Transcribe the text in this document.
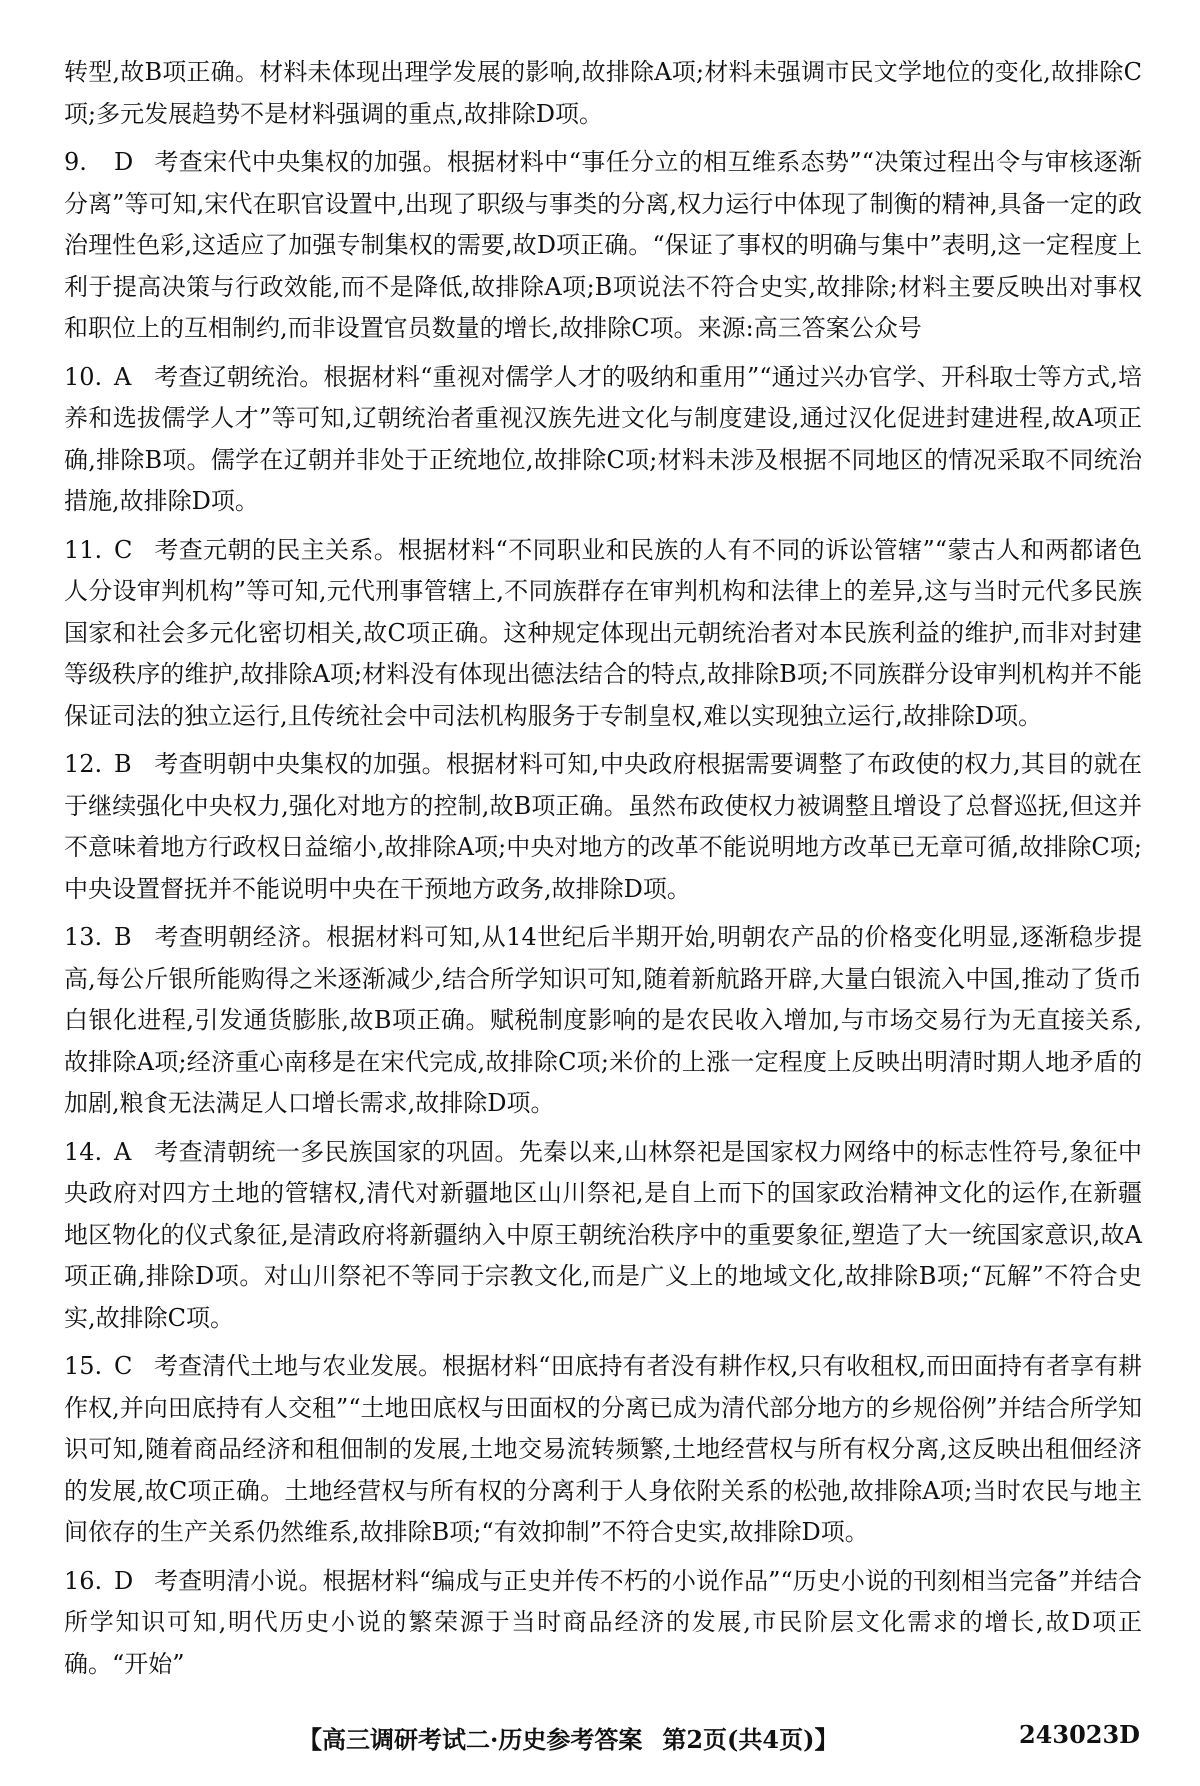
转型,故B项正确。材料未体现出理学发展的影响,故排除A项;材料未强调市民文学地位的变化,故排除C项;多元发展趋势不是材料强调的重点,故排除D项。

9. D 考查宋代中央集权的加强。根据材料中“事任分立的相互维系态势”“决策过程出令与审核逐渐分离”等可知,宋代在职官设置中,出现了职级与事类的分离,权力运行中体现了制衡的精神,具备一定的政治理性色彩,这适应了加强专制集权的需要,故D项正确。“保证了事权的明确与集中”表明,这一定程度上利于提高决策与行政效能,而不是降低,故排除A项;B项说法不符合史实,故排除;材料主要反映出对事权和职位上的互相制约,而非设置官员数量的增长,故排除C项。来源:高三答案公众号
10. A 考查辽朝统治。根据材料“重视对儒学人才的吸纳和重用”“通过兴办官学、开科取士等方式,培养和选拔儒学人才”等可知,辽朝统治者重视汉族先进文化与制度建设,通过汉化促进封建进程,故A项正确,排除B项。儒学在辽朝并非处于正统地位,故排除C项;材料未涉及根据不同地区的情况采取不同统治措施,故排除D项。
11. C 考查元朝的民主关系。根据材料“不同职业和民族的人有不同的诉讼管辖”“蒙古人和两都诸色人分设审判机构”等可知,元代刑事管辖上,不同族群存在审判机构和法律上的差异,这与当时元代多民族国家和社会多元化密切相关,故C项正确。这种规定体现出元朝统治者对本民族利益的维护,而非对封建等级秩序的维护,故排除A项;材料没有体现出德法结合的特点,故排除B项;不同族群分设审判机构并不能保证司法的独立运行,且传统社会中司法机构服务于专制皇权,难以实现独立运行,故排除D项。
12. B 考查明朝中央集权的加强。根据材料可知,中央政府根据需要调整了布政使的权力,其目的就在于继续强化中央权力,强化对地方的控制,故B项正确。虽然布政使权力被调整且增设了总督巡抚,但这并不意味着地方行政权日益缩小,故排除A项;中央对地方的改革不能说明地方改革已无章可循,故排除C项;中央设置督抚并不能说明中央在干预地方政务,故排除D项。
13. B 考查明朝经济。根据材料可知,从14世纪后半期开始,明朝农产品的价格变化明显,逐渐稳步提高,每公斤银所能购得之米逐渐减少,结合所学知识可知,随着新航路开辟,大量白银流入中国,推动了货币白银化进程,引发通货膨胀,故B项正确。赋税制度影响的是农民收入增加,与市场交易行为无直接关系,故排除A项;经济重心南移是在宋代完成,故排除C项;米价的上涨一定程度上反映出明清时期人地矛盾的加剧,粮食无法满足人口增长需求,故排除D项。
14. A 考查清朝统一多民族国家的巩固。先秦以来,山林祭祀是国家权力网络中的标志性符号,象征中央政府对四方土地的管辖权,清代对新疆地区山川祭祀,是自上而下的国家政治精神文化的运作,在新疆地区物化的仪式象征,是清政府将新疆纳入中原王朝统治秩序中的重要象征,塑造了大一统国家意识,故A项正确,排除D项。对山川祭祀不等同于宗教文化,而是广义上的地域文化,故排除B项;“瓦解”不符合史实,故排除C项。
15. C 考查清代土地与农业发展。根据材料“田底持有者没有耕作权,只有收租权,而田面持有者享有耕作权,并向田底持有人交租”“土地田底权与田面权的分离已成为清代部分地方的乡规俗例”并结合所学知识可知,随着商品经济和租佃制的发展,土地交易流转频繁,土地经营权与所有权分离,这反映出租佃经济的发展,故C项正确。土地经营权与所有权的分离利于人身依附关系的松弛,故排除A项;当时农民与地主间依存的生产关系仍然维系,故排除B项;“有效抑制”不符合史实,故排除D项。
16. D 考查明清小说。根据材料“编成与正史并传不朽的小说作品”“历史小说的刊刻相当完备”并结合所学知识可知,明代历史小说的繁荣源于当时商品经济的发展,市民阶层文化需求的增长,故D项正确。“开始”
【高三调研考试二·历史参考答案 第2页(共4页)】	243023D
